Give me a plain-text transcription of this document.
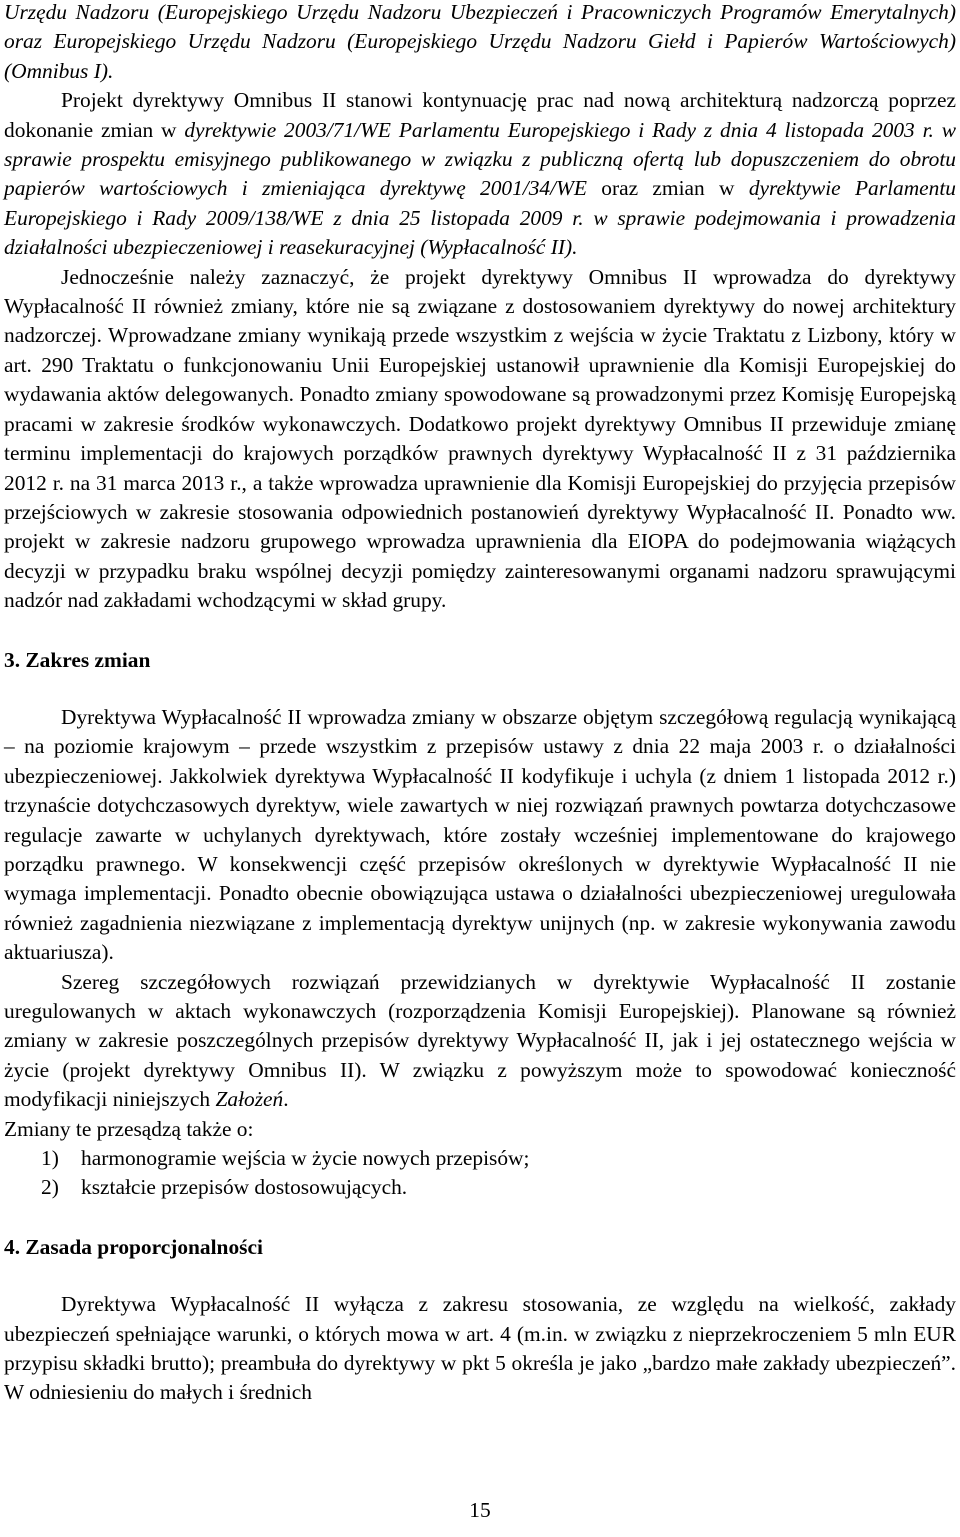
Urzędu Nadzoru (Europejskiego Urzędu Nadzoru Ubezpieczeń i Pracowniczych Programów Emerytalnych) oraz Europejskiego Urzędu Nadzoru (Europejskiego Urzędu Nadzoru Giełd i Papierów Wartościowych) (Omnibus I).

Projekt dyrektywy Omnibus II stanowi kontynuację prac nad nową architekturą nadzorczą poprzez dokonanie zmian w dyrektywie 2003/71/WE Parlamentu Europejskiego i Rady z dnia 4 listopada 2003 r. w sprawie prospektu emisyjnego publikowanego w związku z publiczną ofertą lub dopuszczeniem do obrotu papierów wartościowych i zmieniająca dyrektywę 2001/34/WE oraz zmian w dyrektywie Parlamentu Europejskiego i Rady 2009/138/WE z dnia 25 listopada 2009 r. w sprawie podejmowania i prowadzenia działalności ubezpieczeniowej i reasekuracyjnej (Wypłacalność II).

Jednocześnie należy zaznaczyć, że projekt dyrektywy Omnibus II wprowadza do dyrektywy Wypłacalność II również zmiany, które nie są związane z dostosowaniem dyrektywy do nowej architektury nadzorczej. Wprowadzane zmiany wynikają przede wszystkim z wejścia w życie Traktatu z Lizbony, który w art. 290 Traktatu o funkcjonowaniu Unii Europejskiej ustanowił uprawnienie dla Komisji Europejskiej do wydawania aktów delegowanych. Ponadto zmiany spowodowane są prowadzonymi przez Komisję Europejską pracami w zakresie środków wykonawczych. Dodatkowo projekt dyrektywy Omnibus II przewiduje zmianę terminu implementacji do krajowych porządków prawnych dyrektywy Wypłacalność II z 31 października 2012 r. na 31 marca 2013 r., a także wprowadza uprawnienie dla Komisji Europejskiej do przyjęcia przepisów przejściowych w zakresie stosowania odpowiednich postanowień dyrektywy Wypłacalność II. Ponadto ww. projekt w zakresie nadzoru grupowego wprowadza uprawnienia dla EIOPA do podejmowania wiążących decyzji w przypadku braku wspólnej decyzji pomiędzy zainteresowanymi organami nadzoru sprawującymi nadzór nad zakładami wchodzącymi w skład grupy.

3. Zakres zmian

Dyrektywa Wypłacalność II wprowadza zmiany w obszarze objętym szczegółową regulacją wynikającą – na poziomie krajowym – przede wszystkim z przepisów ustawy z dnia 22 maja 2003 r. o działalności ubezpieczeniowej. Jakkolwiek dyrektywa Wypłacalność II kodyfikuje i uchyla (z dniem 1 listopada 2012 r.) trzynaście dotychczasowych dyrektyw, wiele zawartych w niej rozwiązań prawnych powtarza dotychczasowe regulacje zawarte w uchylanych dyrektywach, które zostały wcześniej implementowane do krajowego porządku prawnego. W konsekwencji część przepisów określonych w dyrektywie Wypłacalność II nie wymaga implementacji. Ponadto obecnie obowiązująca ustawa o działalności ubezpieczeniowej uregulowała również zagadnienia niezwiązane z implementacją dyrektyw unijnych (np. w zakresie wykonywania zawodu aktuariusza).

Szereg szczegółowych rozwiązań przewidzianych w dyrektywie Wypłacalność II zostanie uregulowanych w aktach wykonawczych (rozporządzenia Komisji Europejskiej). Planowane są również zmiany w zakresie poszczególnych przepisów dyrektywy Wypłacalność II, jak i jej ostatecznego wejścia w życie (projekt dyrektywy Omnibus II). W związku z powyższym może to spowodować konieczność modyfikacji niniejszych Założeń.

Zmiany te przesądzą także o:

1)	harmonogramie wejścia w życie nowych przepisów;
2)	kształcie przepisów dostosowujących.
4. Zasada proporcjonalności

Dyrektywa Wypłacalność II wyłącza z zakresu stosowania, ze względu na wielkość, zakłady ubezpieczeń spełniające warunki, o których mowa w art. 4 (m.in. w związku z nieprzekroczeniem 5 mln EUR przypisu składki brutto); preambuła do dyrektywy w pkt 5 określa je jako „bardzo małe zakłady ubezpieczeń”. W odniesieniu do małych i średnich

15
